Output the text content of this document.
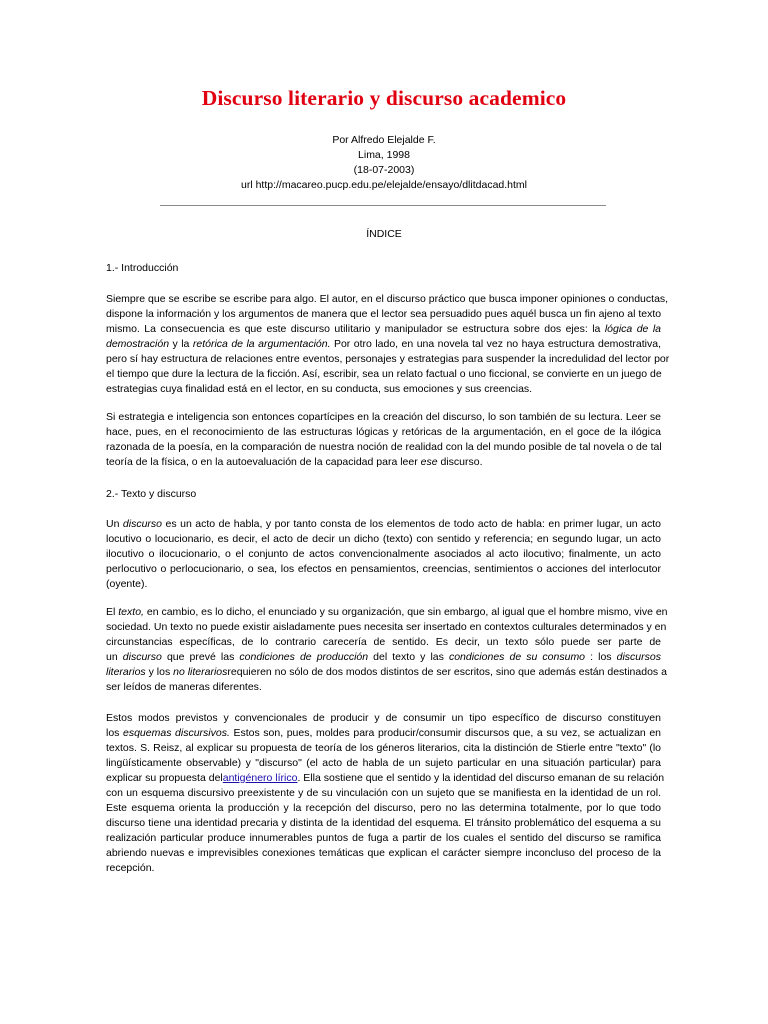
Discurso literario y discurso academico
Por Alfredo Elejalde F.
Lima, 1998
(18-07-2003)
url http://macareo.pucp.edu.pe/elejalde/ensayo/dlitdacad.html
ÍNDICE
1.- Introducción
Siempre que se escribe se escribe para algo. El autor, en el discurso práctico que busca imponer opiniones o conductas,
dispone la información y los argumentos de manera que el lector sea persuadido pues aquél busca un fin ajeno al texto
mismo. La consecuencia es que este discurso utilitario y manipulador se estructura sobre dos ejes: la lógica de la
demostración y la retórica de la argumentación. Por otro lado, en una novela tal vez no haya estructura demostrativa,
pero sí hay estructura de relaciones entre eventos, personajes y estrategias para suspender la incredulidad del lector por
el tiempo que dure la lectura de la ficción. Así, escribir, sea un relato factual o uno ficcional, se convierte en un juego de
estrategias cuya finalidad está en el lector, en su conducta, sus emociones y sus creencias.
Si estrategia e inteligencia son entonces copartícipes en la creación del discurso, lo son también de su lectura. Leer se
hace, pues, en el reconocimiento de las estructuras lógicas y retóricas de la argumentación, en el goce de la ilógica
razonada de la poesía, en la comparación de nuestra noción de realidad con la del mundo posible de tal novela o de tal
teoría de la física, o en la autoevaluación de la capacidad para leer ese discurso.
2.- Texto y discurso
Un discurso es un acto de habla, y por tanto consta de los elementos de todo acto de habla: en primer lugar, un acto
locutivo o locucionario, es decir, el acto de decir un dicho (texto) con sentido y referencia; en segundo lugar, un acto
ilocutivo o ilocucionario, o el conjunto de actos convencionalmente asociados al acto ilocutivo; finalmente, un acto
perlocutivo o perlocucionario, o sea, los efectos en pensamientos, creencias, sentimientos o acciones del interlocutor
(oyente).
El texto, en cambio, es lo dicho, el enunciado y su organización, que sin embargo, al igual que el hombre mismo, vive en
sociedad. Un texto no puede existir aisladamente pues necesita ser insertado en contextos culturales determinados y en
circunstancias específicas, de lo contrario carecería de sentido. Es decir, un texto sólo puede ser parte de
un discurso que prevé las condiciones de producción del texto y las condiciones de su consumo : los discursos
literarios y los no literariosrequieren no sólo de dos modos distintos de ser escritos, sino que además están destinados a
ser leídos de maneras diferentes.
Estos modos previstos y convencionales de producir y de consumir un tipo específico de discurso constituyen
los esquemas discursivos. Estos son, pues, moldes para producir/consumir discursos que, a su vez, se actualizan en
textos. S. Reisz, al explicar su propuesta de teoría de los géneros literarios, cita la distinción de Stierle entre "texto" (lo
lingüísticamente observable) y "discurso" (el acto de habla de un sujeto particular en una situación particular) para
explicar su propuesta delantigénero lírico. Ella sostiene que el sentido y la identidad del discurso emanan de su relación
con un esquema discursivo preexistente y de su vinculación con un sujeto que se manifiesta en la identidad de un rol.
Este esquema orienta la producción y la recepción del discurso, pero no las determina totalmente, por lo que todo
discurso tiene una identidad precaria y distinta de la identidad del esquema. El tránsito problemático del esquema a su
realización particular produce innumerables puntos de fuga a partir de los cuales el sentido del discurso se ramifica
abriendo nuevas e imprevisibles conexiones temáticas que explican el carácter siempre inconcluso del proceso de la
recepción.
